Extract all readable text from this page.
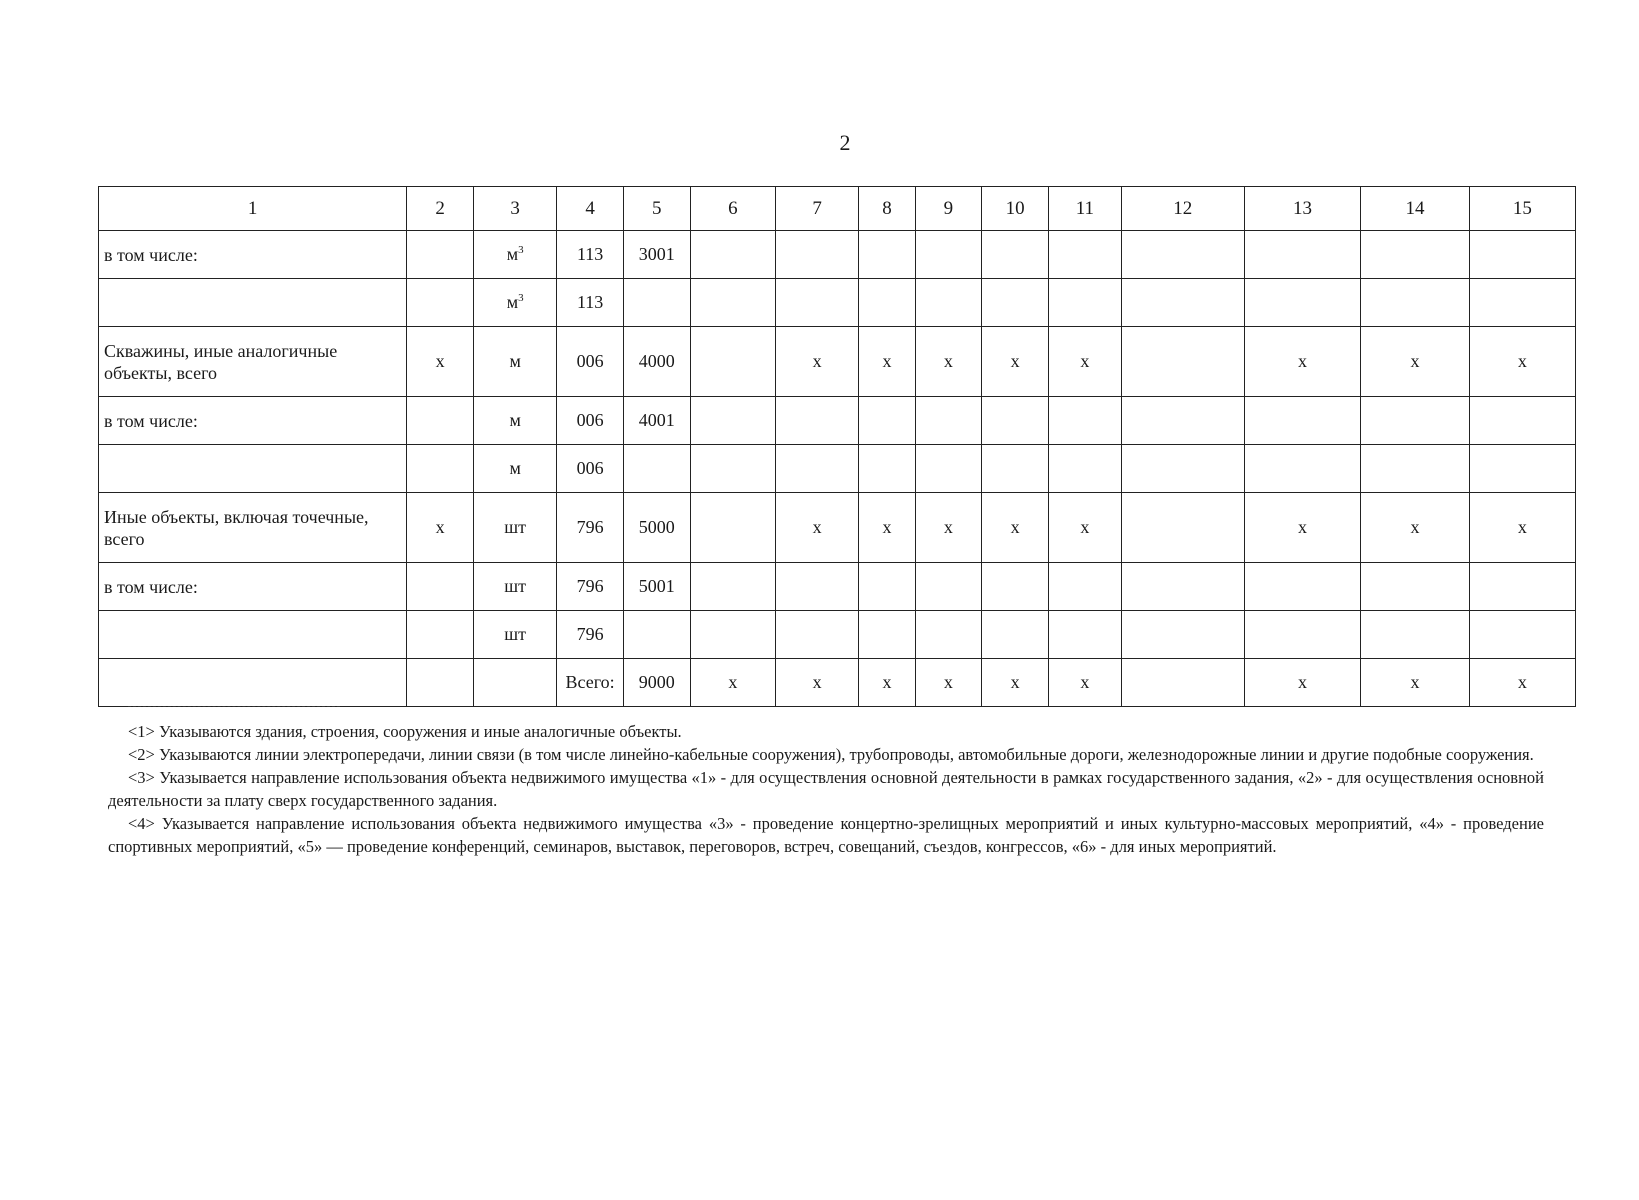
2
1	2	3	4	5	6	7	8	9	10	11	12	13	14	15
в том числе:		$м^3$	113	3001										
		$м^3$	113											
Скважины, иные аналогичные объекты, всего	х	м	006	4000		х	х	х	х	х		х	х	х
в том числе:		м	006	4001										
		м	006											
Иные объекты, включая точечные, всего	х	шт	796	5000		х	х	х	х	х		х	х	х
в том числе:		шт	796	5001										
		шт	796											
			Всего:	9000	х	х	х	х	х	х		х	х	х

<1> Указываются здания, строения, сооружения и иные аналогичные объекты.

<2> Указываются линии электропередачи, линии связи (в том числе линейно-кабельные сооружения), трубопроводы, автомобильные дороги, железнодорожные линии и другие подобные сооружения.

<3> Указывается направление использования объекта недвижимого имущества «1» - для осуществления основной деятельности в рамках государственного задания, «2» - для осуществления основной деятельности за плату сверх государственного задания.

<4> Указывается направление использования объекта недвижимого имущества «3» - проведение концертно-зрелищных мероприятий и иных культурно-массовых мероприятий, «4» - проведение спортивных мероприятий, «5» — проведение конференций, семинаров, выставок, переговоров, встреч, совещаний, съездов, конгрессов, «6» - для иных мероприятий.
